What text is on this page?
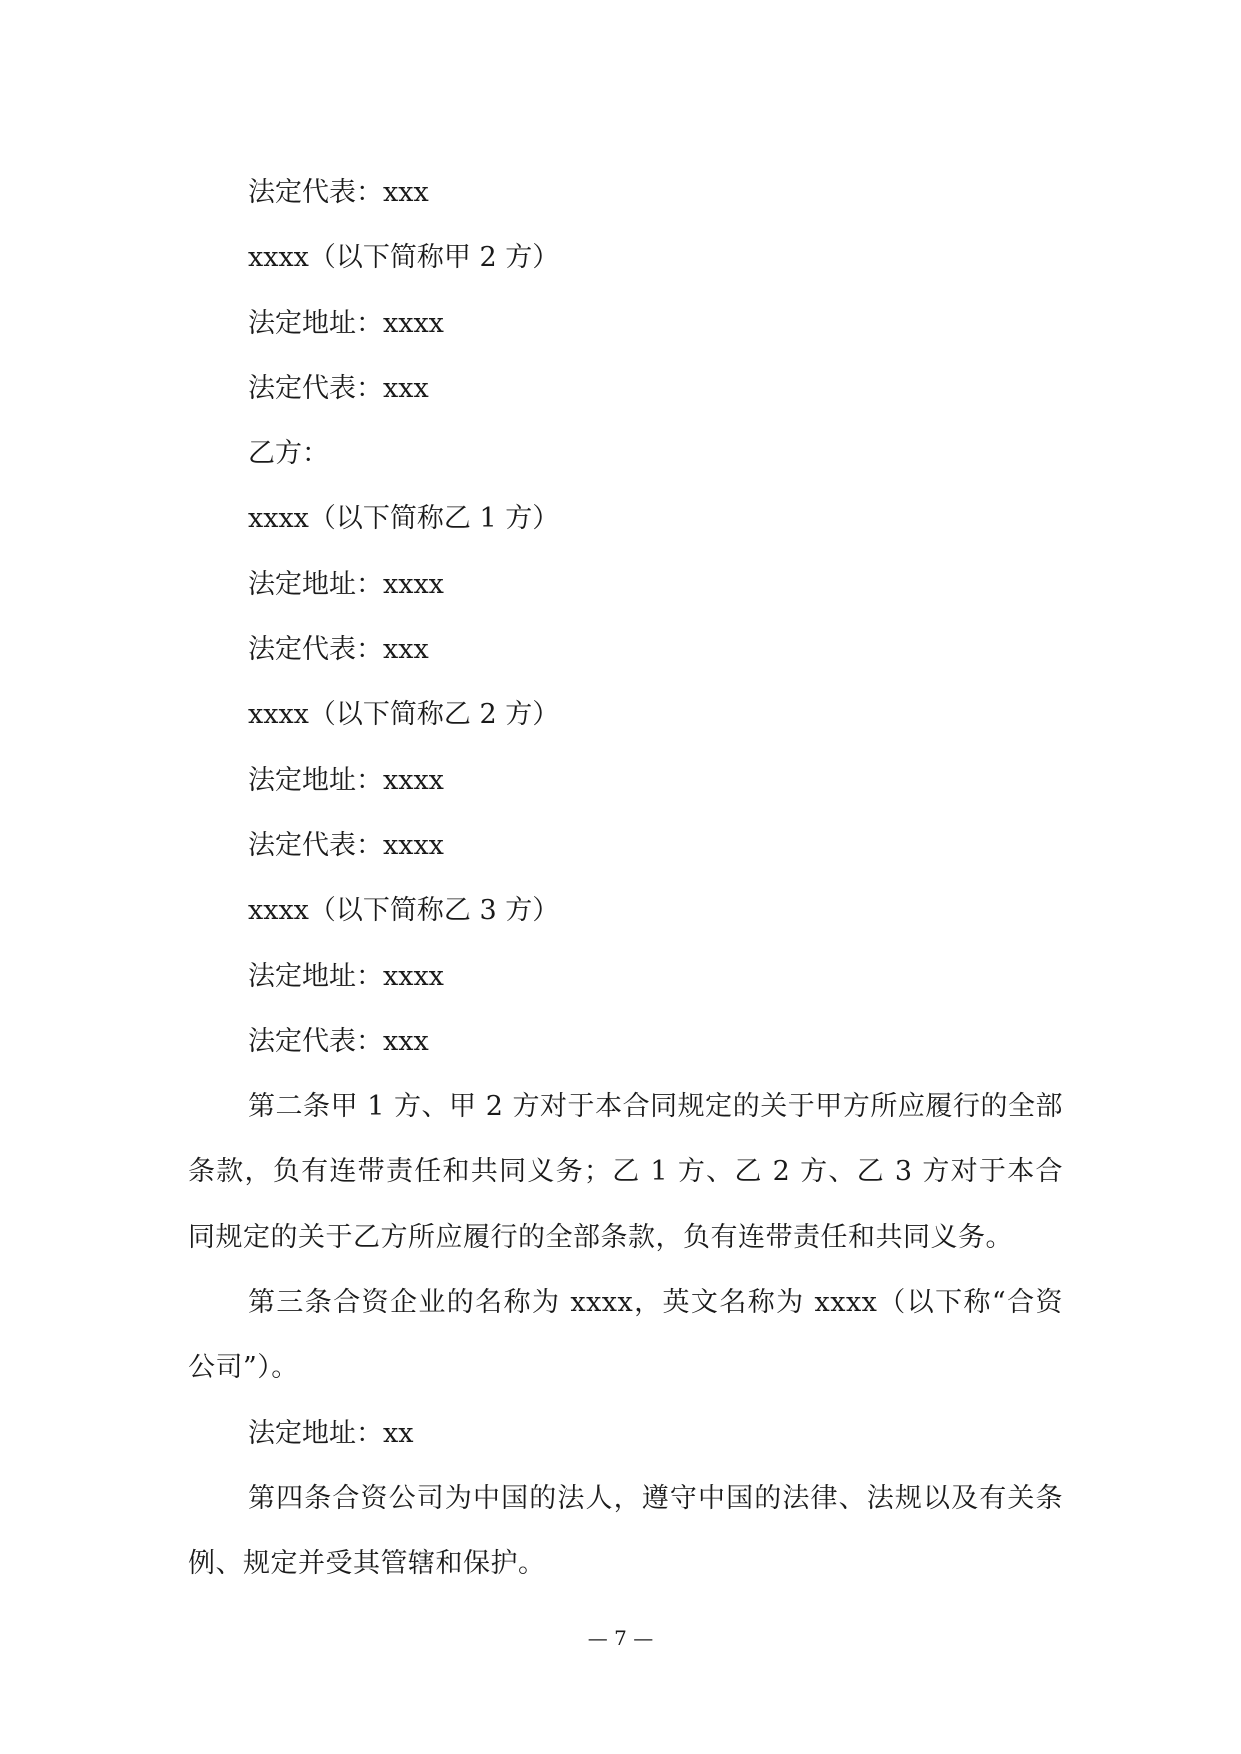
法定代表：xxx
xxxx（以下简称甲 2 方）
法定地址：xxxx
法定代表：xxx
乙方：
xxxx（以下简称乙 1 方）
法定地址：xxxx
法定代表：xxx
xxxx（以下简称乙 2 方）
法定地址：xxxx
法定代表：xxxx
xxxx（以下简称乙 3 方）
法定地址：xxxx
法定代表：xxx
第二条甲 1 方、甲 2 方对于本合同规定的关于甲方所应履行的全部条款，负有连带责任和共同义务；乙 1 方、乙 2 方、乙 3 方对于本合同规定的关于乙方所应履行的全部条款，负有连带责任和共同义务。
第三条合资企业的名称为 xxxx，英文名称为 xxxx（以下称“合资公司”）。
法定地址：xx
第四条合资公司为中国的法人，遵守中国的法律、法规以及有关条例、规定并受其管辖和保护。
— 7 —
